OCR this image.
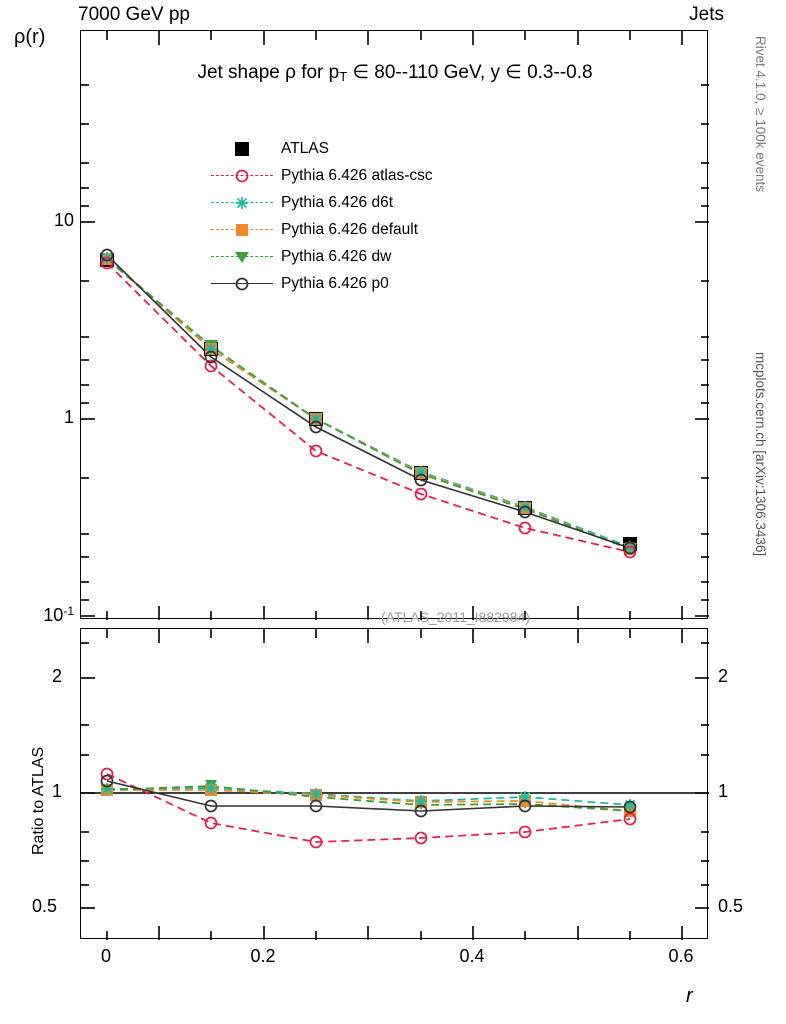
7000 GeV pp	Jets
Rivet 4.1.0, ≥ 100k events
mcplots.cern.ch [arXiv:1306.3436]
Jet shape ρ for $p_T$ ∈ 80--110 GeV, y ∈ 0.3--0.8
ATLAS
Pythia 6.426 atlas-csc
Pythia 6.426 d6t
Pythia 6.426 default
Pythia 6.426 dw
Pythia 6.426 p0
(ATLAS_2011_I882984)
10
1
$10^{-1}$
ρ(r)
2
1
0.5
2
1
0.5
Ratio to ATLAS
0	0.2	0.4	0.6
r
